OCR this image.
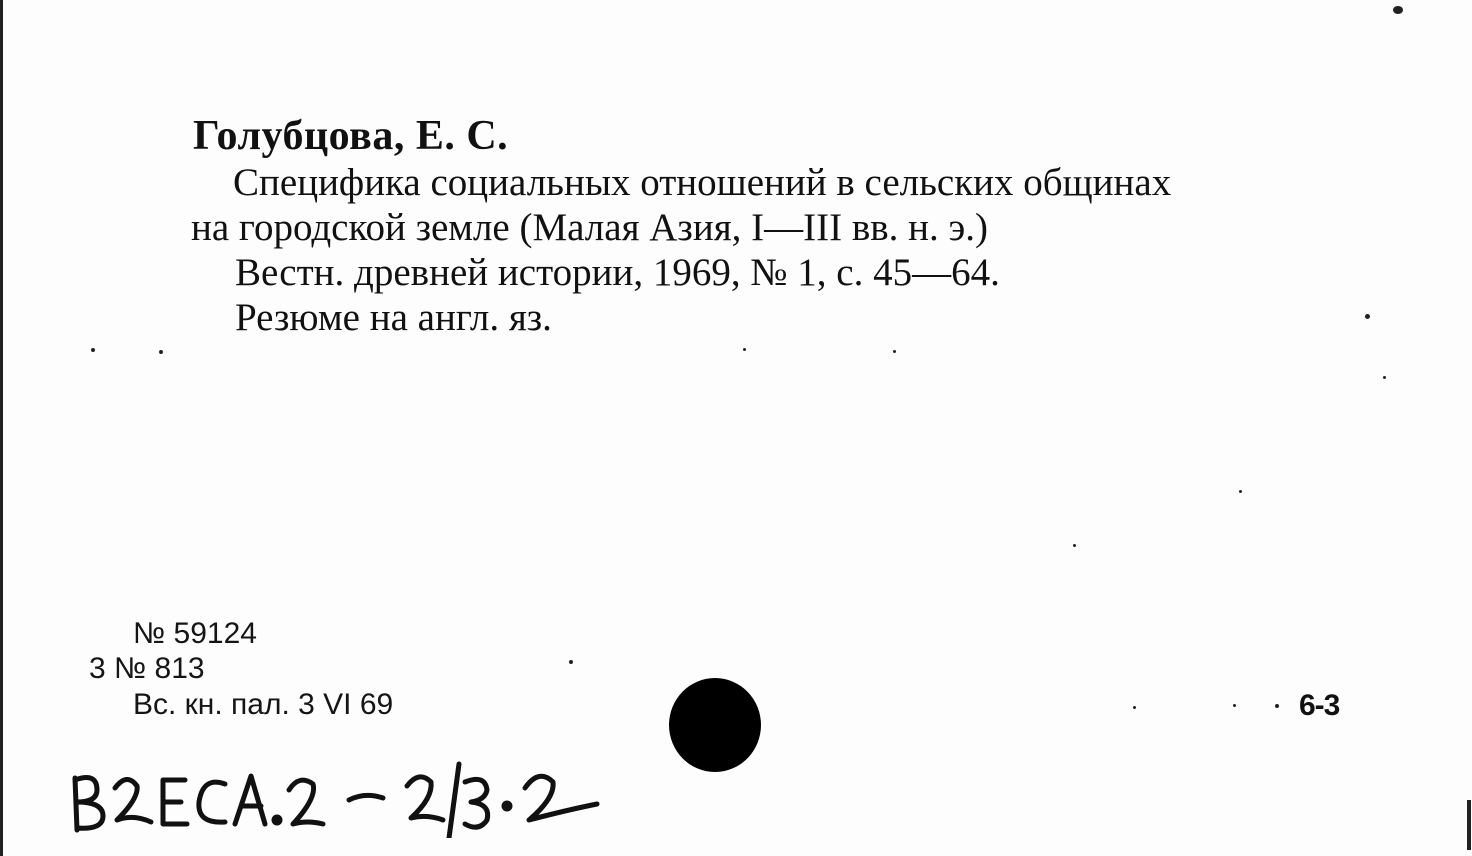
Голубцова, Е. С.
Специфика социальных отношений в сельских общинах
на городской земле (Малая Азия, I—III вв. н. э.)
Вестн. древней истории, 1969, № 1, с. 45—64.
Резюме на англ. яз.
№ 59124
3 № 813
Вс. кн. пал. 3 VI 69	6-3
